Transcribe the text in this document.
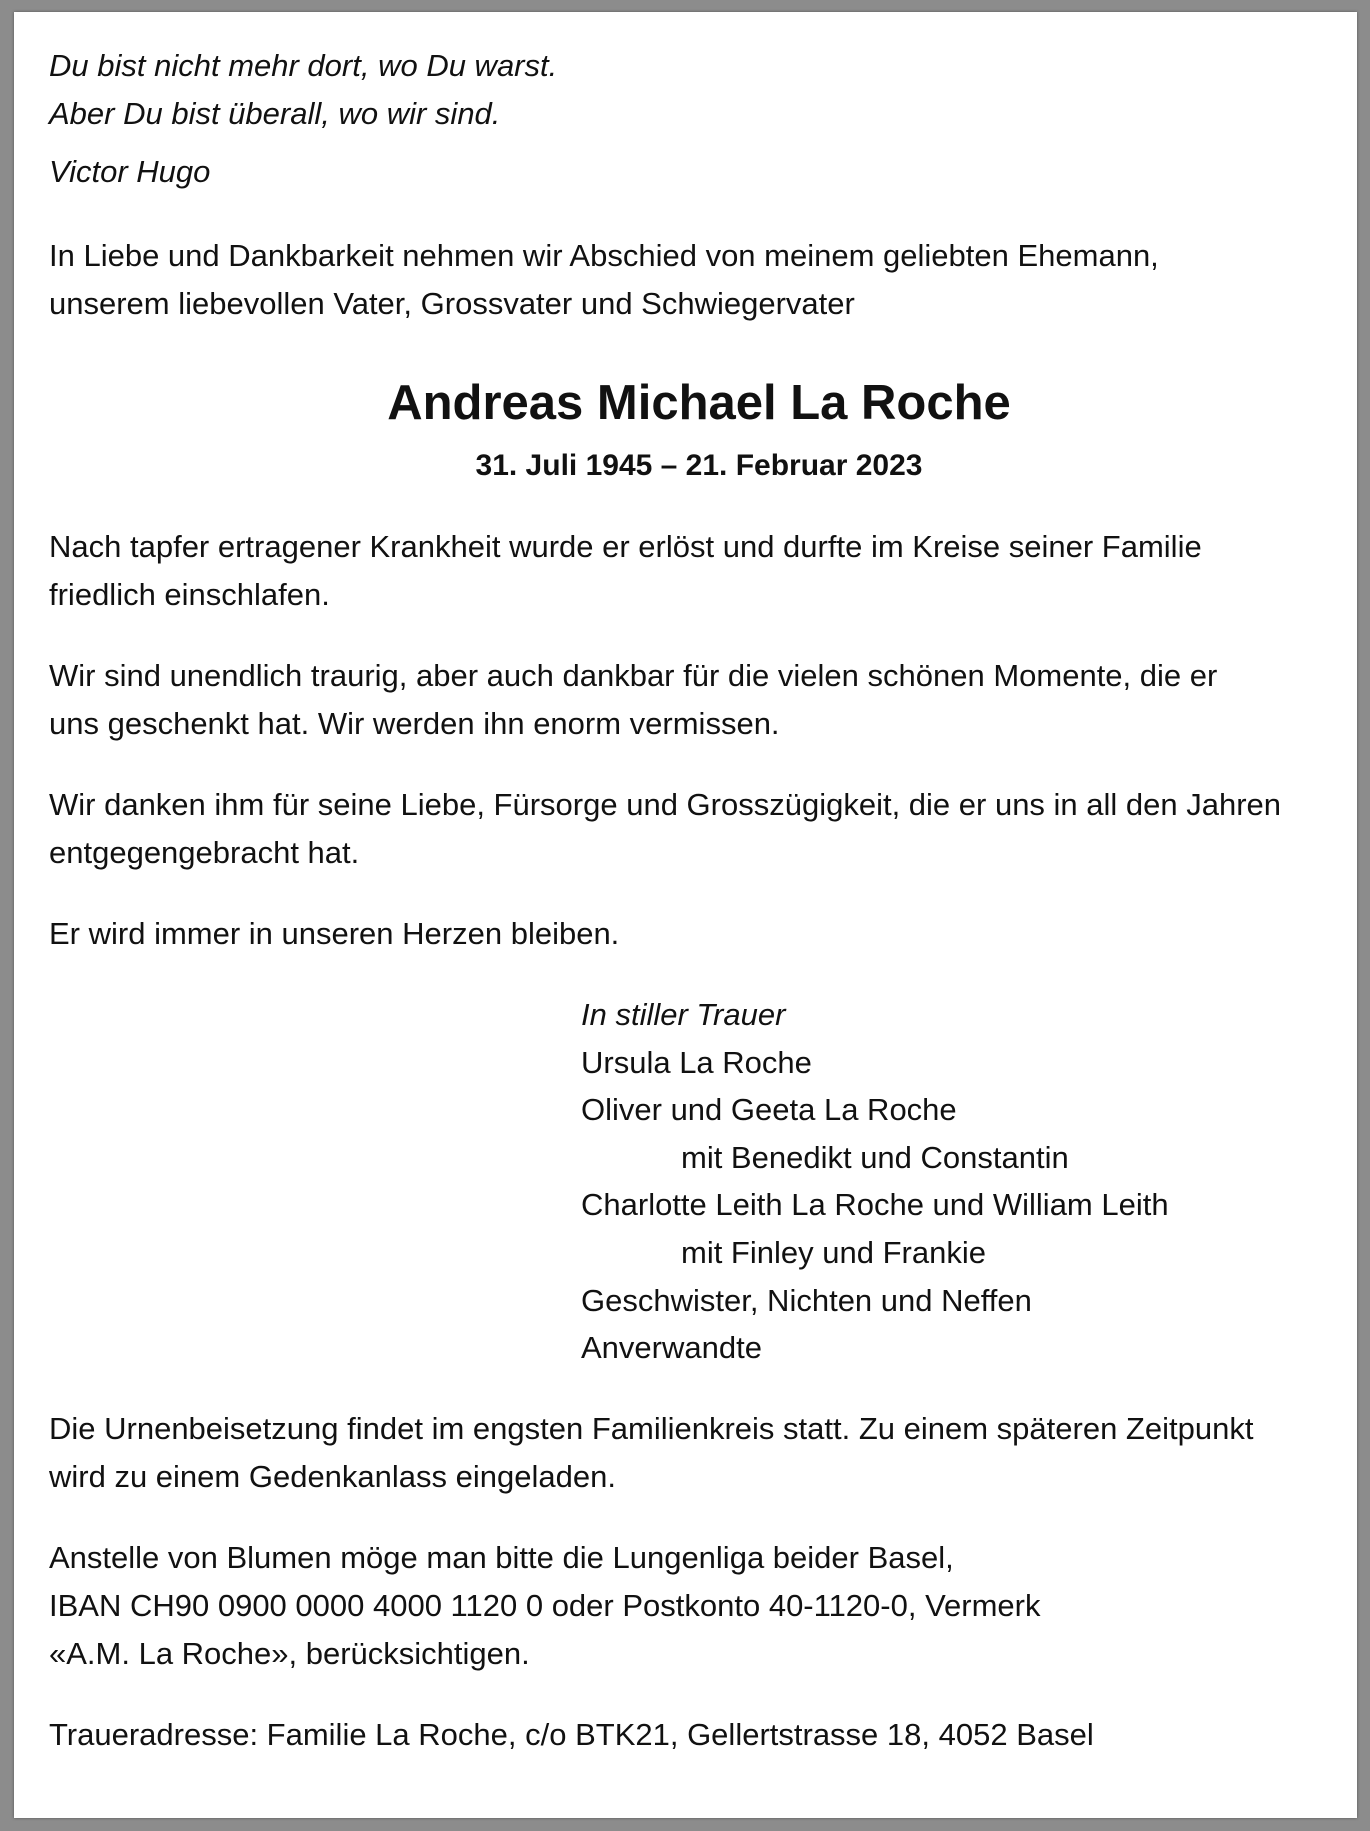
Du bist nicht mehr dort, wo Du warst.

Aber Du bist überall, wo wir sind.

Victor Hugo

In Liebe und Dankbarkeit nehmen wir Abschied von meinem geliebten Ehemann,

unserem liebevollen Vater, Grossvater und Schwiegervater

Andreas Michael La Roche
31. Juli 1945 – 21. Februar 2023

Nach tapfer ertragener Krankheit wurde er erlöst und durfte im Kreise seiner Familie

friedlich einschlafen.

Wir sind unendlich traurig, aber auch dankbar für die vielen schönen Momente, die er

uns geschenkt hat. Wir werden ihn enorm vermissen.

Wir danken ihm für seine Liebe, Fürsorge und Grosszügigkeit, die er uns in all den Jahren

entgegengebracht hat.

Er wird immer in unseren Herzen bleiben.

In stiller Trauer

Ursula La Roche

Oliver und Geeta La Roche

mit Benedikt und Constantin

Charlotte Leith La Roche und William Leith

mit Finley und Frankie

Geschwister, Nichten und Neffen

Anverwandte

Die Urnenbeisetzung findet im engsten Familienkreis statt. Zu einem späteren Zeitpunkt

wird zu einem Gedenkanlass eingeladen.

Anstelle von Blumen möge man bitte die Lungenliga beider Basel,

IBAN CH90 0900 0000 4000 1120 0 oder Postkonto 40-1120-0, Vermerk

«A.M. La Roche», berücksichtigen.

Traueradresse: Familie La Roche, c/o BTK21, Gellertstrasse 18, 4052 Basel
